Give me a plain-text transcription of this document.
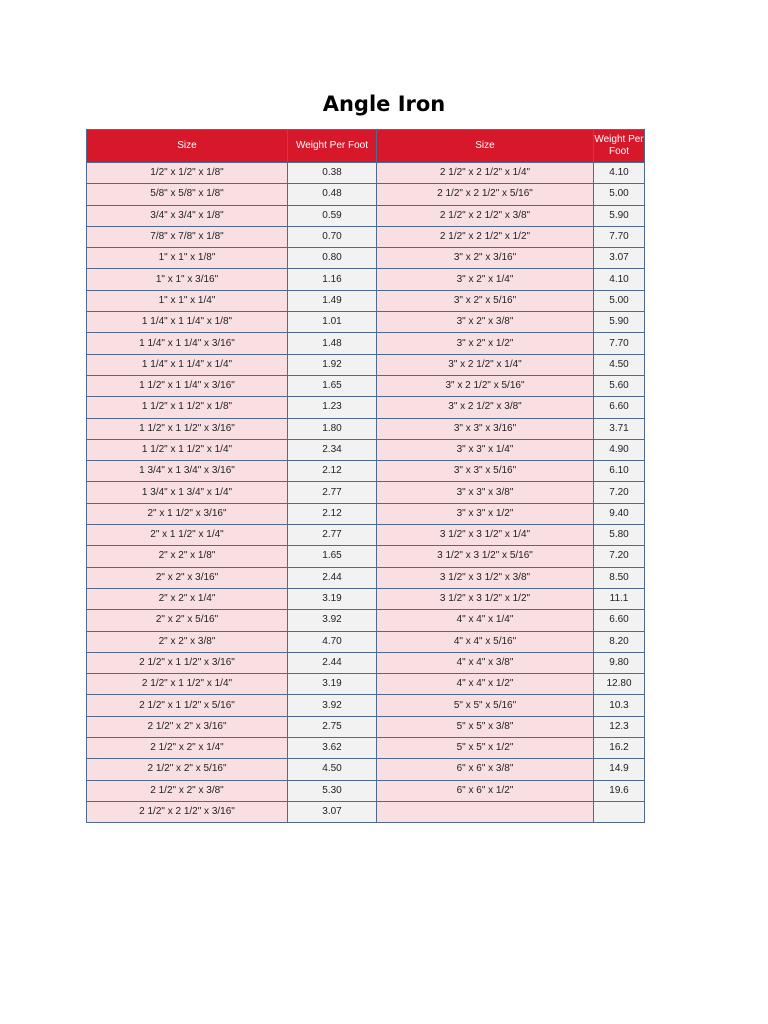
Angle Iron
Size	Weight Per Foot	Size	Weight Per Foot
1/2" x 1/2" x 1/8"	0.38	2 1/2" x 2 1/2" x 1/4"	4.10
5/8" x 5/8" x 1/8"	0.48	2 1/2" x 2 1/2" x 5/16"	5.00
3/4" x 3/4" x 1/8"	0.59	2 1/2" x 2 1/2" x 3/8"	5.90
7/8" x 7/8" x 1/8"	0.70	2 1/2" x 2 1/2" x 1/2"	7.70
1" x 1" x 1/8"	0.80	3" x 2" x 3/16"	3.07
1" x 1" x 3/16"	1.16	3" x 2" x 1/4"	4.10
1" x 1" x 1/4"	1.49	3" x 2" x 5/16"	5.00
1 1/4" x 1 1/4" x 1/8"	1.01	3" x 2" x 3/8"	5.90
1 1/4" x 1 1/4" x 3/16"	1.48	3" x 2" x 1/2"	7.70
1 1/4" x 1 1/4" x 1/4"	1.92	3" x 2 1/2" x 1/4"	4.50
1 1/2" x 1 1/4" x 3/16"	1.65	3" x 2 1/2" x 5/16"	5.60
1 1/2" x 1 1/2" x 1/8"	1.23	3" x 2 1/2" x 3/8"	6.60
1 1/2" x 1 1/2" x 3/16"	1.80	3" x 3" x 3/16"	3.71
1 1/2" x 1 1/2" x 1/4"	2.34	3" x 3" x 1/4"	4.90
1 3/4" x 1 3/4" x 3/16"	2.12	3" x 3" x 5/16"	6.10
1 3/4" x 1 3/4" x 1/4"	2.77	3" x 3" x 3/8"	7.20
2" x 1 1/2" x 3/16"	2.12	3" x 3" x 1/2"	9.40
2" x 1 1/2" x 1/4"	2.77	3 1/2" x 3 1/2" x 1/4"	5.80
2" x 2" x 1/8"	1.65	3 1/2" x 3 1/2" x 5/16"	7.20
2" x 2" x 3/16"	2.44	3 1/2" x 3 1/2" x 3/8"	8.50
2" x 2" x 1/4"	3.19	3 1/2" x 3 1/2" x 1/2"	11.1
2" x 2" x 5/16"	3.92	4" x 4" x 1/4"	6.60
2" x 2" x 3/8"	4.70	4" x 4" x 5/16"	8.20
2 1/2" x 1 1/2" x 3/16"	2.44	4" x 4" x 3/8"	9.80
2 1/2" x 1 1/2" x 1/4"	3.19	4" x 4" x 1/2"	12.80
2 1/2" x 1 1/2" x 5/16"	3.92	5" x 5" x 5/16"	10.3
2 1/2" x 2" x 3/16"	2.75	5" x 5" x 3/8"	12.3
2 1/2" x 2" x 1/4"	3.62	5" x 5" x 1/2"	16.2
2 1/2" x 2" x 5/16"	4.50	6" x 6" x 3/8"	14.9
2 1/2" x 2" x 3/8"	5.30	6" x 6" x 1/2"	19.6
2 1/2" x 2 1/2" x 3/16"	3.07		
